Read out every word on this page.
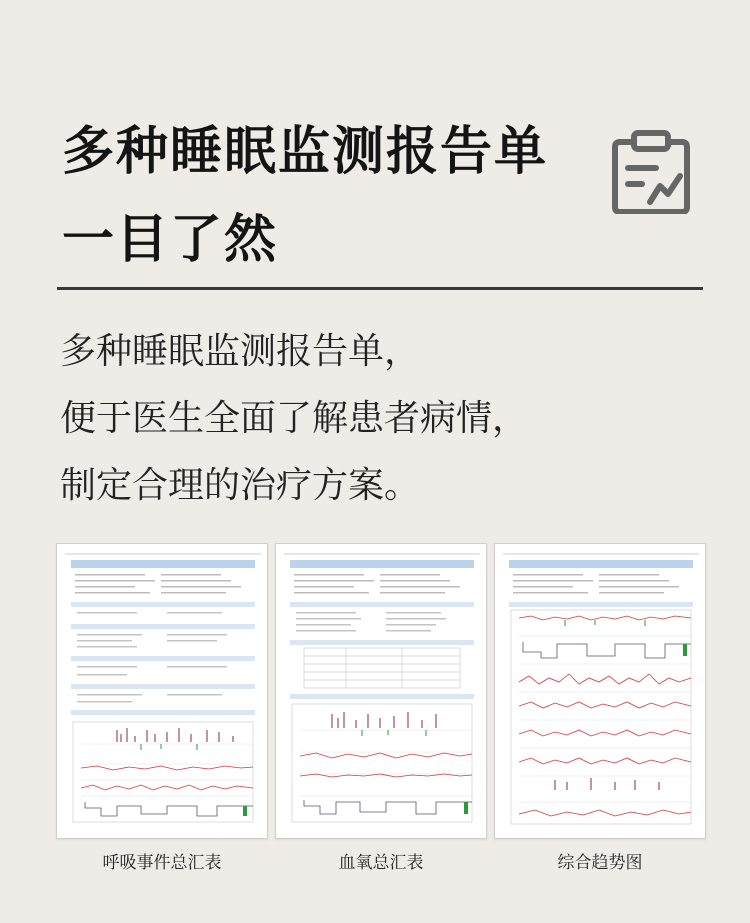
多种睡眠监测报告单
一目了然
多种睡眠监测报告单，
便于医生全面了解患者病情，
制定合理的治疗方案。
呼吸事件总汇表	血氧总汇表	综合趋势图
